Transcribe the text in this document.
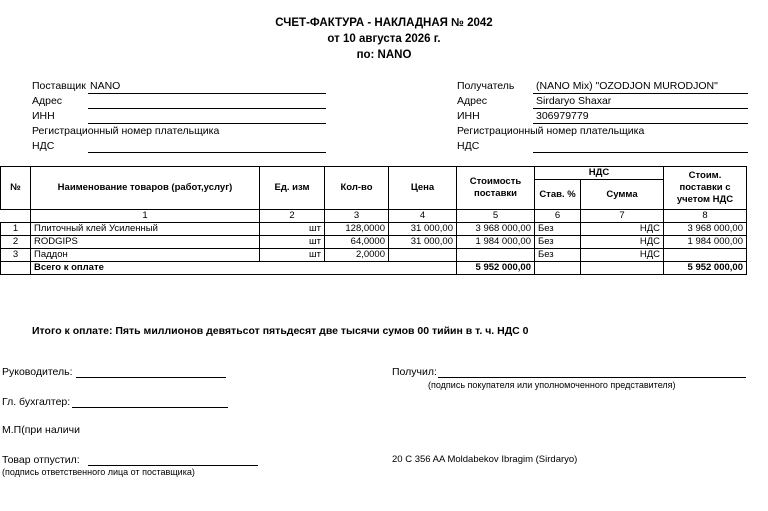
СЧЕТ-ФАКТУРА - НАКЛАДНАЯ № 2042
от 10 августа 2026 г.
по: NANO
Поставщик NANO
Адрес
ИНН
Регистрационный номер плательщика
НДС
Получатель (NANO Mix) "OZODJON MURODJON"
Адрес	Sirdaryo Shaxar
ИНН	306979779
Регистрационный номер плательщика
НДС
№	Наименование товаров (работ,услуг)	Ед. изм	Кол-во	Цена	Стоимость поставки	НДС		Стоим. поставки с учетом НДС
						Став. %	Сумма	
	1	2	3	4	5	6	7	8
1	Плиточный клей Усиленный	шт	128,0000	31 000,00	3 968 000,00	Без	НДС	3 968 000,00
2	RODGIPS	шт	64,0000	31 000,00	1 984 000,00	Без	НДС	1 984 000,00
3	Паддон	шт	2,0000			Без	НДС	
	Всего к оплате				5 952 000,00			5 952 000,00
Итого к оплате: Пять миллионов девятьсот пятьдесят две тысячи сумов 00 тийин в т. ч. НДС 0
Руководитель:
Гл. бухгалтер:
М.П(при наличи
Товар отпустил:
(подпись ответственного лица от поставщика)
Получил:
(подпись покупателя или уполномоченного представителя)
20 C 356 AA Moldabekov Ibragim (Sirdaryo)
